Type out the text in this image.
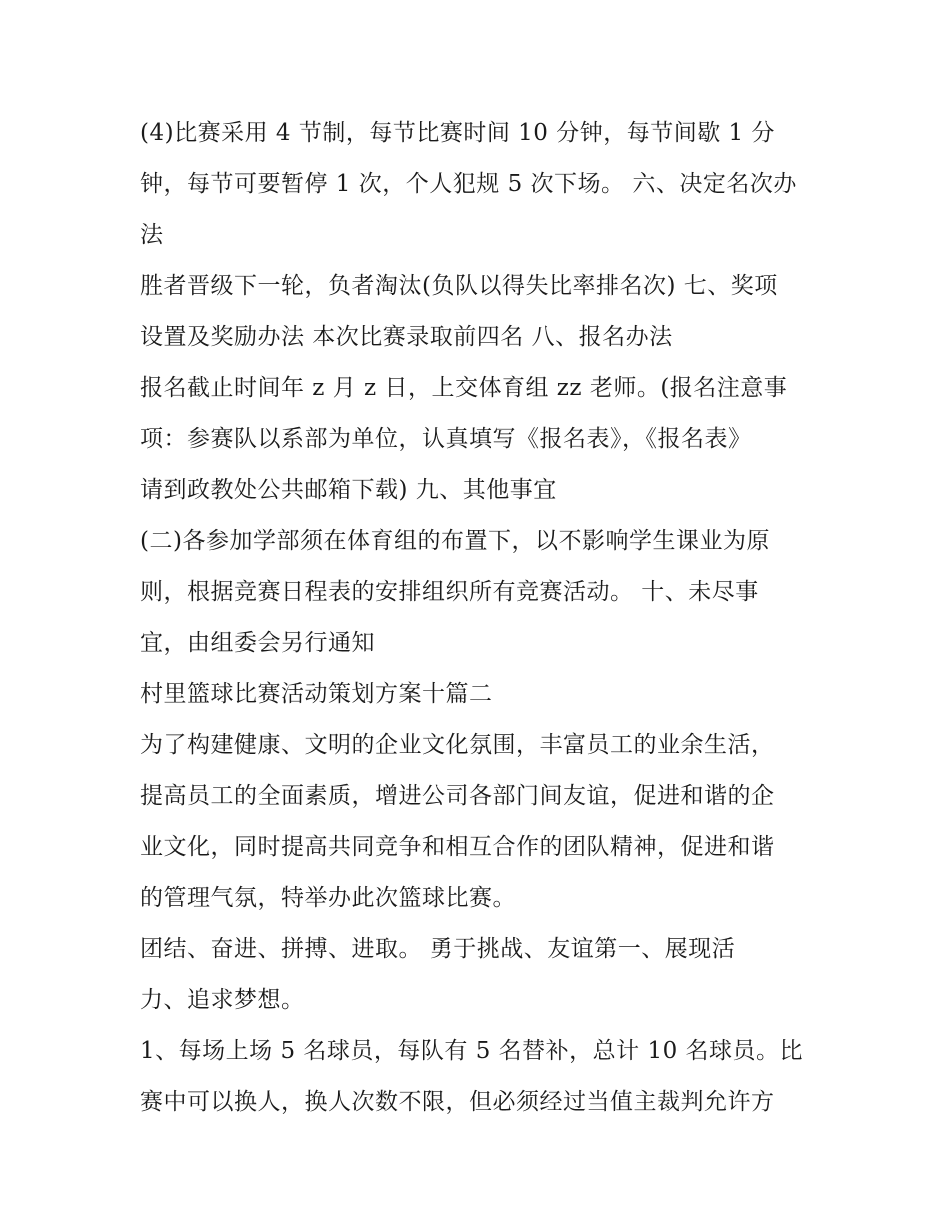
(4)比赛采用 4 节制，每节比赛时间 10 分钟，每节间歇 1 分
钟，每节可要暂停 1 次，个人犯规 5 次下场。 六、决定名次办
法
胜者晋级下一轮，负者淘汰(负队以得失比率排名次) 七、奖项
设置及奖励办法 本次比赛录取前四名 八、报名办法
报名截止时间年 z 月 z 日，上交体育组 zz 老师。(报名注意事
项：参赛队以系部为单位，认真填写《报名表》，《报名表》
请到政教处公共邮箱下载) 九、其他事宜
(二)各参加学部须在体育组的布置下，以不影响学生课业为原
则，根据竞赛日程表的安排组织所有竞赛活动。 十、未尽事
宜，由组委会另行通知
村里篮球比赛活动策划方案十篇二
为了构建健康、文明的企业文化氛围，丰富员工的业余生活，
提高员工的全面素质，增进公司各部门间友谊，促进和谐的企
业文化，同时提高共同竞争和相互合作的团队精神，促进和谐
的管理气氛，特举办此次篮球比赛。
团结、奋进、拼搏、进取。 勇于挑战、友谊第一、展现活
力、追求梦想。
1、每场上场 5 名球员，每队有 5 名替补，总计 10 名球员。比
赛中可以换人，换人次数不限，但必须经过当值主裁判允许方
